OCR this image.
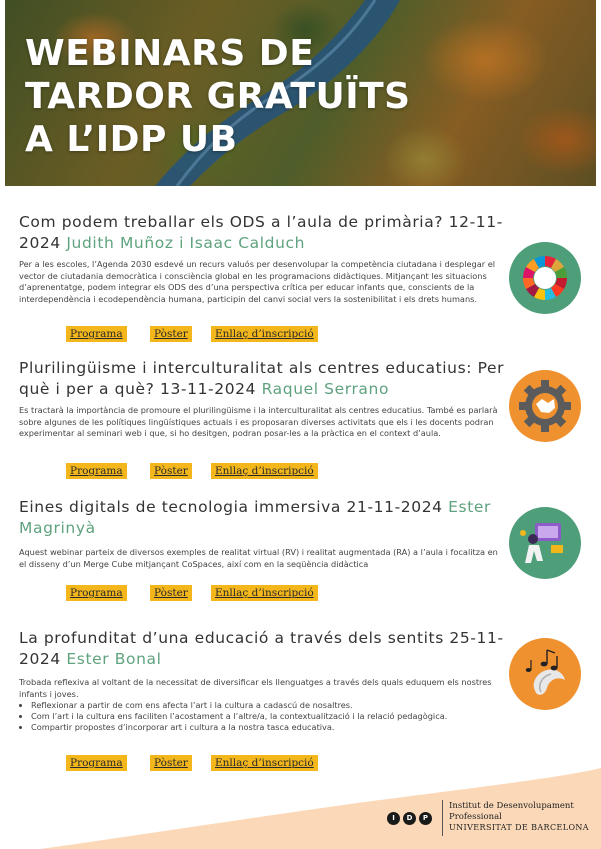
WEBINARS DE
TARDOR GRATUÏTS
A L’IDP UB
Com podem treballar els ODS a l’aula de primària? 12-11-2024 Judith Muñoz i Isaac Calduch

Per a les escoles, l’Agenda 2030 esdevé un recurs valuós per desenvolupar la competència ciutadana i desplegar el vector de ciutadania democràtica i consciència global en les programacions didàctiques. Mitjançant les situacions d’aprenentatge, podem integrar els ODS des d’una perspectiva crítica per educar infants que, conscients de la interdependència i ecodependència humana, participin del canvi social vers la sostenibilitat i els drets humans.

Programa	Pòster	Enllaç d’inscripció
Plurilingüisme i interculturalitat als centres educatius: Per què i per a què? 13-11-2024 Raquel Serrano

Es tractarà la importància de promoure el plurilingüisme i la interculturalitat als centres educatius. També es parlarà sobre algunes de les polítiques lingüístiques actuals i es proposaran diverses activitats que els i les docents podran experimentar al seminari web i que, si ho desitgen, podran posar-les a la pràctica en el context d’aula.

Programa	Pòster	Enllaç d’inscripció
Eines digitals de tecnologia immersiva 21-11-2024 Ester Magrinyà

Aquest webinar parteix de diversos exemples de realitat virtual (RV) i realitat augmentada (RA) a l’aula i focalitza en el disseny d’un Merge Cube mitjançant CoSpaces, així com en la seqüència didàctica

Programa	Pòster	Enllaç d’inscripció
La profunditat d’una educació a través dels sentits 25-11-2024 Ester Bonal

Trobada reflexiva al voltant de la necessitat de diversificar els llenguatges a través dels quals eduquem els nostres infants i joves.

• Reflexionar a partir de com ens afecta l’art i la cultura a cadascú de nosaltres.
• Com l’art i la cultura ens faciliten l’acostament a l’altre/a, la contextualització i la relació pedagògica.
• Compartir propostes d’incorporar art i cultura a la nostra tasca educativa.
Programa	Pòster	Enllaç d’inscripció
I	D	P
Institut de Desenvolupament Professional
UNIVERSITAT DE BARCELONA
